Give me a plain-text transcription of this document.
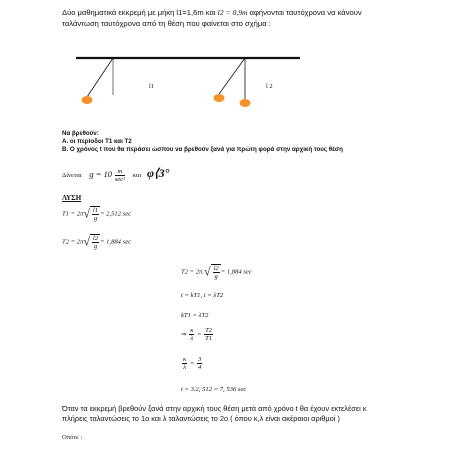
Δύο μαθηματικά εκκρεμή με μήκη l1=1,6m και l2 = 0,9m αφήνονται ταυτόχρονα να κάνουν ταλάντωση ταυτόχρονα από τη θέση που φαίνεται στο σχήμα :
l1	l 2
Να βρεθούν:
Α. οι περίοδοι T1 και T2
Β. Ο χρόνος t που θα περάσει ώσπου να βρεθούν ξανά για πρώτη φορά στην αρχική τους θέση
Δίνεται $g = 10 \frac{m}{\text{sec²}}$ και φ⟨3°
ΛΥΣΗ
$T1 = 2\pi√ \frac{l1}{g} = 2,512$ sec
$T2 = 2\pi√ \frac{l2}{g} = 1,884$ sec
$T2 = 2\pi.√ \frac{l2}{g} = 1,884$ sec
t = kT1, t = λT2
kT1 = λT2
⇒ $\frac{\kappa}{\lambda} = \frac{T2}{T1}$
$\frac{\kappa}{\lambda} = \frac{3}{4}$
t = 3.2, 512 = 7, 536 sec
Όταν τα εκκρεμή βρεθούν ξανά στην αρχική τους θέση μετά από χρόνο t θα έχουν εκτελέσει κ πλήρεις ταλαντώσεις το 1ο και λ ταλαντώσεις το 2ο ( όπου κ,λ είναι ακέραιοι αριθμοί )
Οπότε :
